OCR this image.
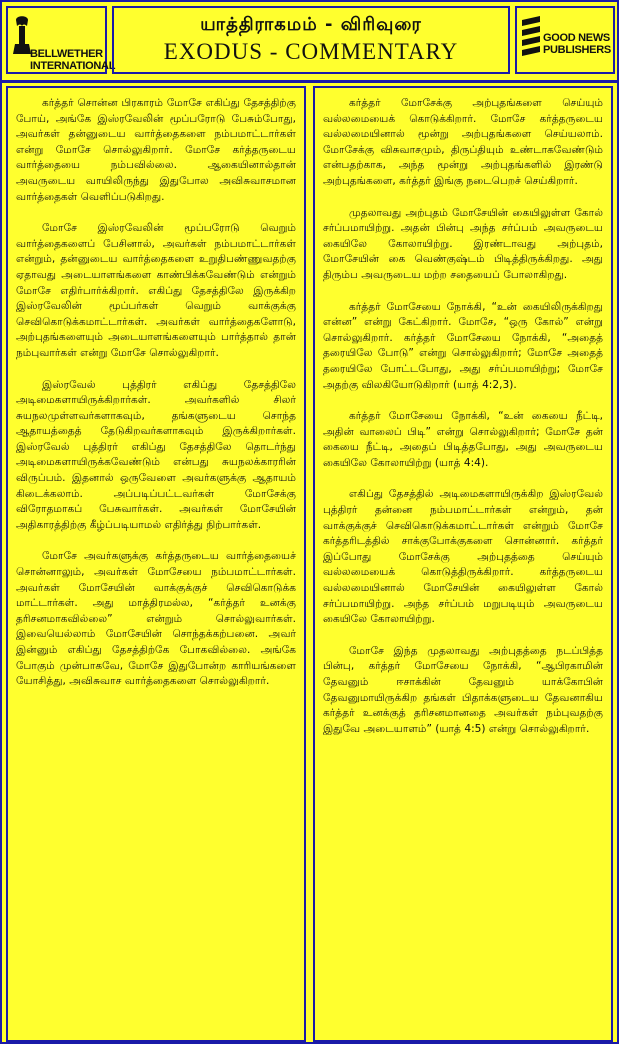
BELLWETHER INTERNATIONAL
யாத்திராகமம் - விரிவுரை
EXODUS - COMMENTARY
GOOD NEWS PUBLISHERS

கர்த்தர் சொன்ன பிரகாரம் மோசே எகிப்து தேசத்திற்கு போய், அங்கே இஸ்ரவேலின் மூப்பரோடு பேசும்போது, அவர்கள் தன்னுடைய வார்த்தைகளை நம்பமாட்டார்கள் என்று மோசே சொல்லுகிறார். மோசே கர்த்தருடைய வார்த்தையை நம்பவில்லை. ஆகையினால்தான் அவருடைய வாயிலிருந்து இதுபோல அவிசுவாசமான வார்த்தைகள் வெளிப்படுகிறது.

மோசே இஸ்ரவேலின் மூப்பரோடு வெறும் வார்த்தைகளைப் பேசினால், அவர்கள் நம்பமாட்டார்கள் என்றும், தன்னுடைய வார்த்தைகளை உறுதிபண்ணுவதற்கு ஏதாவது அடையாளங்களை காண்பிக்கவேண்டும் என்றும் மோசே எதிர்பார்க்கிறார். எகிப்து தேசத்திலே இருக்கிற இஸ்ரவேலின் மூப்பர்கள் வெறும் வாக்குக்கு செவிகொடுக்கமாட்டார்கள். அவர்கள் வார்த்தைகளோடு, அற்புதங்களையும் அடையாளங்களையும் பார்த்தால் தான் நம்புவார்கள் என்று மோசே சொல்லுகிறார்.

இஸ்ரவேல் புத்திரர் எகிப்து தேசத்திலே அடிமைகளாயிருக்கிறார்கள். அவர்களில் சிலர் சுயநலமுள்ளவர்களாகவும், தங்களுடைய சொந்த ஆதாயத்தைத் தேடுகிறவர்களாகவும் இருக்கிறார்கள். இஸ்ரவேல் புத்திரர் எகிப்து தேசத்திலே தொடர்ந்து அடிமைகளாயிருக்கவேண்டும் என்பது சுயநலக்காரரின் விருப்பம். இதனால் ஒருவேளை அவர்களுக்கு ஆதாயம் கிடைக்கலாம். அப்படிப்பட்டவர்கள் மோசேக்கு விரோதமாகப் பேசுவார்கள். அவர்கள் மோசேயின் அதிகாரத்திற்கு கீழ்ப்படியாமல் எதிர்த்து நிற்பார்கள்.

மோசே அவர்களுக்கு கர்த்தருடைய வார்த்தையைச் சொன்னாலும், அவர்கள் மோசேயை நம்பமாட்டார்கள். அவர்கள் மோசேயின் வாக்குக்குச் செவிகொடுக்க மாட்டார்கள். அது மாத்திரமல்ல, “கர்த்தர் உனக்கு தரிசனமாகவில்லை” என்றும் சொல்லுவார்கள். இவையெல்லாம் மோசேயின் சொந்தக்கற்பனை. அவர் இன்னும் எகிப்து தேசத்திற்கே போகவில்லை. அங்கே போகும் முன்பாகவே, மோசே இதுபோன்ற காரியங்களை யோசித்து, அவிசுவாச வார்த்தைகளை சொல்லுகிறார்.

கர்த்தர் மோசேக்கு அற்புதங்களை செய்யும் வல்லமையைக் கொடுக்கிறார். மோசே கர்த்தருடைய வல்லமையினால் மூன்று அற்புதங்களை செய்யலாம். மோசேக்கு விசுவாசமும், திருப்தியும் உண்டாகவேண்டும் என்பதற்காக, அந்த மூன்று அற்புதங்களில் இரண்டு அற்புதங்களை, கர்த்தர் இங்கு நடைபெறச் செய்கிறார்.

முதலாவது அற்புதம் மோசேயின் கையிலுள்ள கோல் சர்ப்பமாயிற்று. அதன் பின்பு அந்த சர்ப்பம் அவருடைய கையிலே கோலாயிற்று. இரண்டாவது அற்புதம், மோசேயின் கை வெண்குஷ்டம் பிடித்திருக்கிறது. அது திரும்ப அவருடைய மற்ற சதையைப் போலாகிறது.

கர்த்தர் மோசேயை நோக்கி, “உன் கையிலிருக்கிறது என்ன” என்று கேட்கிறார். மோசே, “ஒரு கோல்” என்று சொல்லுகிறார். கர்த்தர் மோசேயை நோக்கி, “அதைத் தரையிலே போடு” என்று சொல்லுகிறார்; மோசே அதைத் தரையிலே போட்டபோது, அது சர்ப்பமாயிற்று; மோசே அதற்கு விலகியோடுகிறார் (யாத் 4:2,3).

கர்த்தர் மோசேயை நோக்கி, “உன் கையை நீட்டி, அதின் வாலைப் பிடி” என்று சொல்லுகிறார்; மோசே தன் கையை நீட்டி, அதைப் பிடித்தபோது, அது அவருடைய கையிலே கோலாயிற்று (யாத் 4:4).

எகிப்து தேசத்தில் அடிமைகளாயிருக்கிற இஸ்ரவேல் புத்திரர் தன்னை நம்பமாட்டார்கள் என்றும், தன் வாக்குக்குச் செவிகொடுக்கமாட்டார்கள் என்றும் மோசே கர்த்தரிடத்தில் சாக்குபோக்குகளை சொன்னார். கர்த்தர் இப்போது மோசேக்கு அற்புதத்தை செய்யும் வல்லமையைக் கொடுத்திருக்கிறார். கர்த்தருடைய வல்லமையினால் மோசேயின் கையிலுள்ள கோல் சர்ப்பமாயிற்று. அந்த சர்ப்பம் மறுபடியும் அவருடைய கையிலே கோலாயிற்று.

மோசே இந்த முதலாவது அற்புதத்தை நடப்பித்த பின்பு, கர்த்தர் மோசேயை நோக்கி, “ஆபிரகாமின் தேவனும் ஈசாக்கின் தேவனும் யாக்கோபின் தேவனுமாயிருக்கிற தங்கள் பிதாக்களுடைய தேவனாகிய கர்த்தர் உனக்குத் தரிசனமானதை அவர்கள் நம்புவதற்கு இதுவே அடையாளம்” (யாத் 4:5) என்று சொல்லுகிறார்.
